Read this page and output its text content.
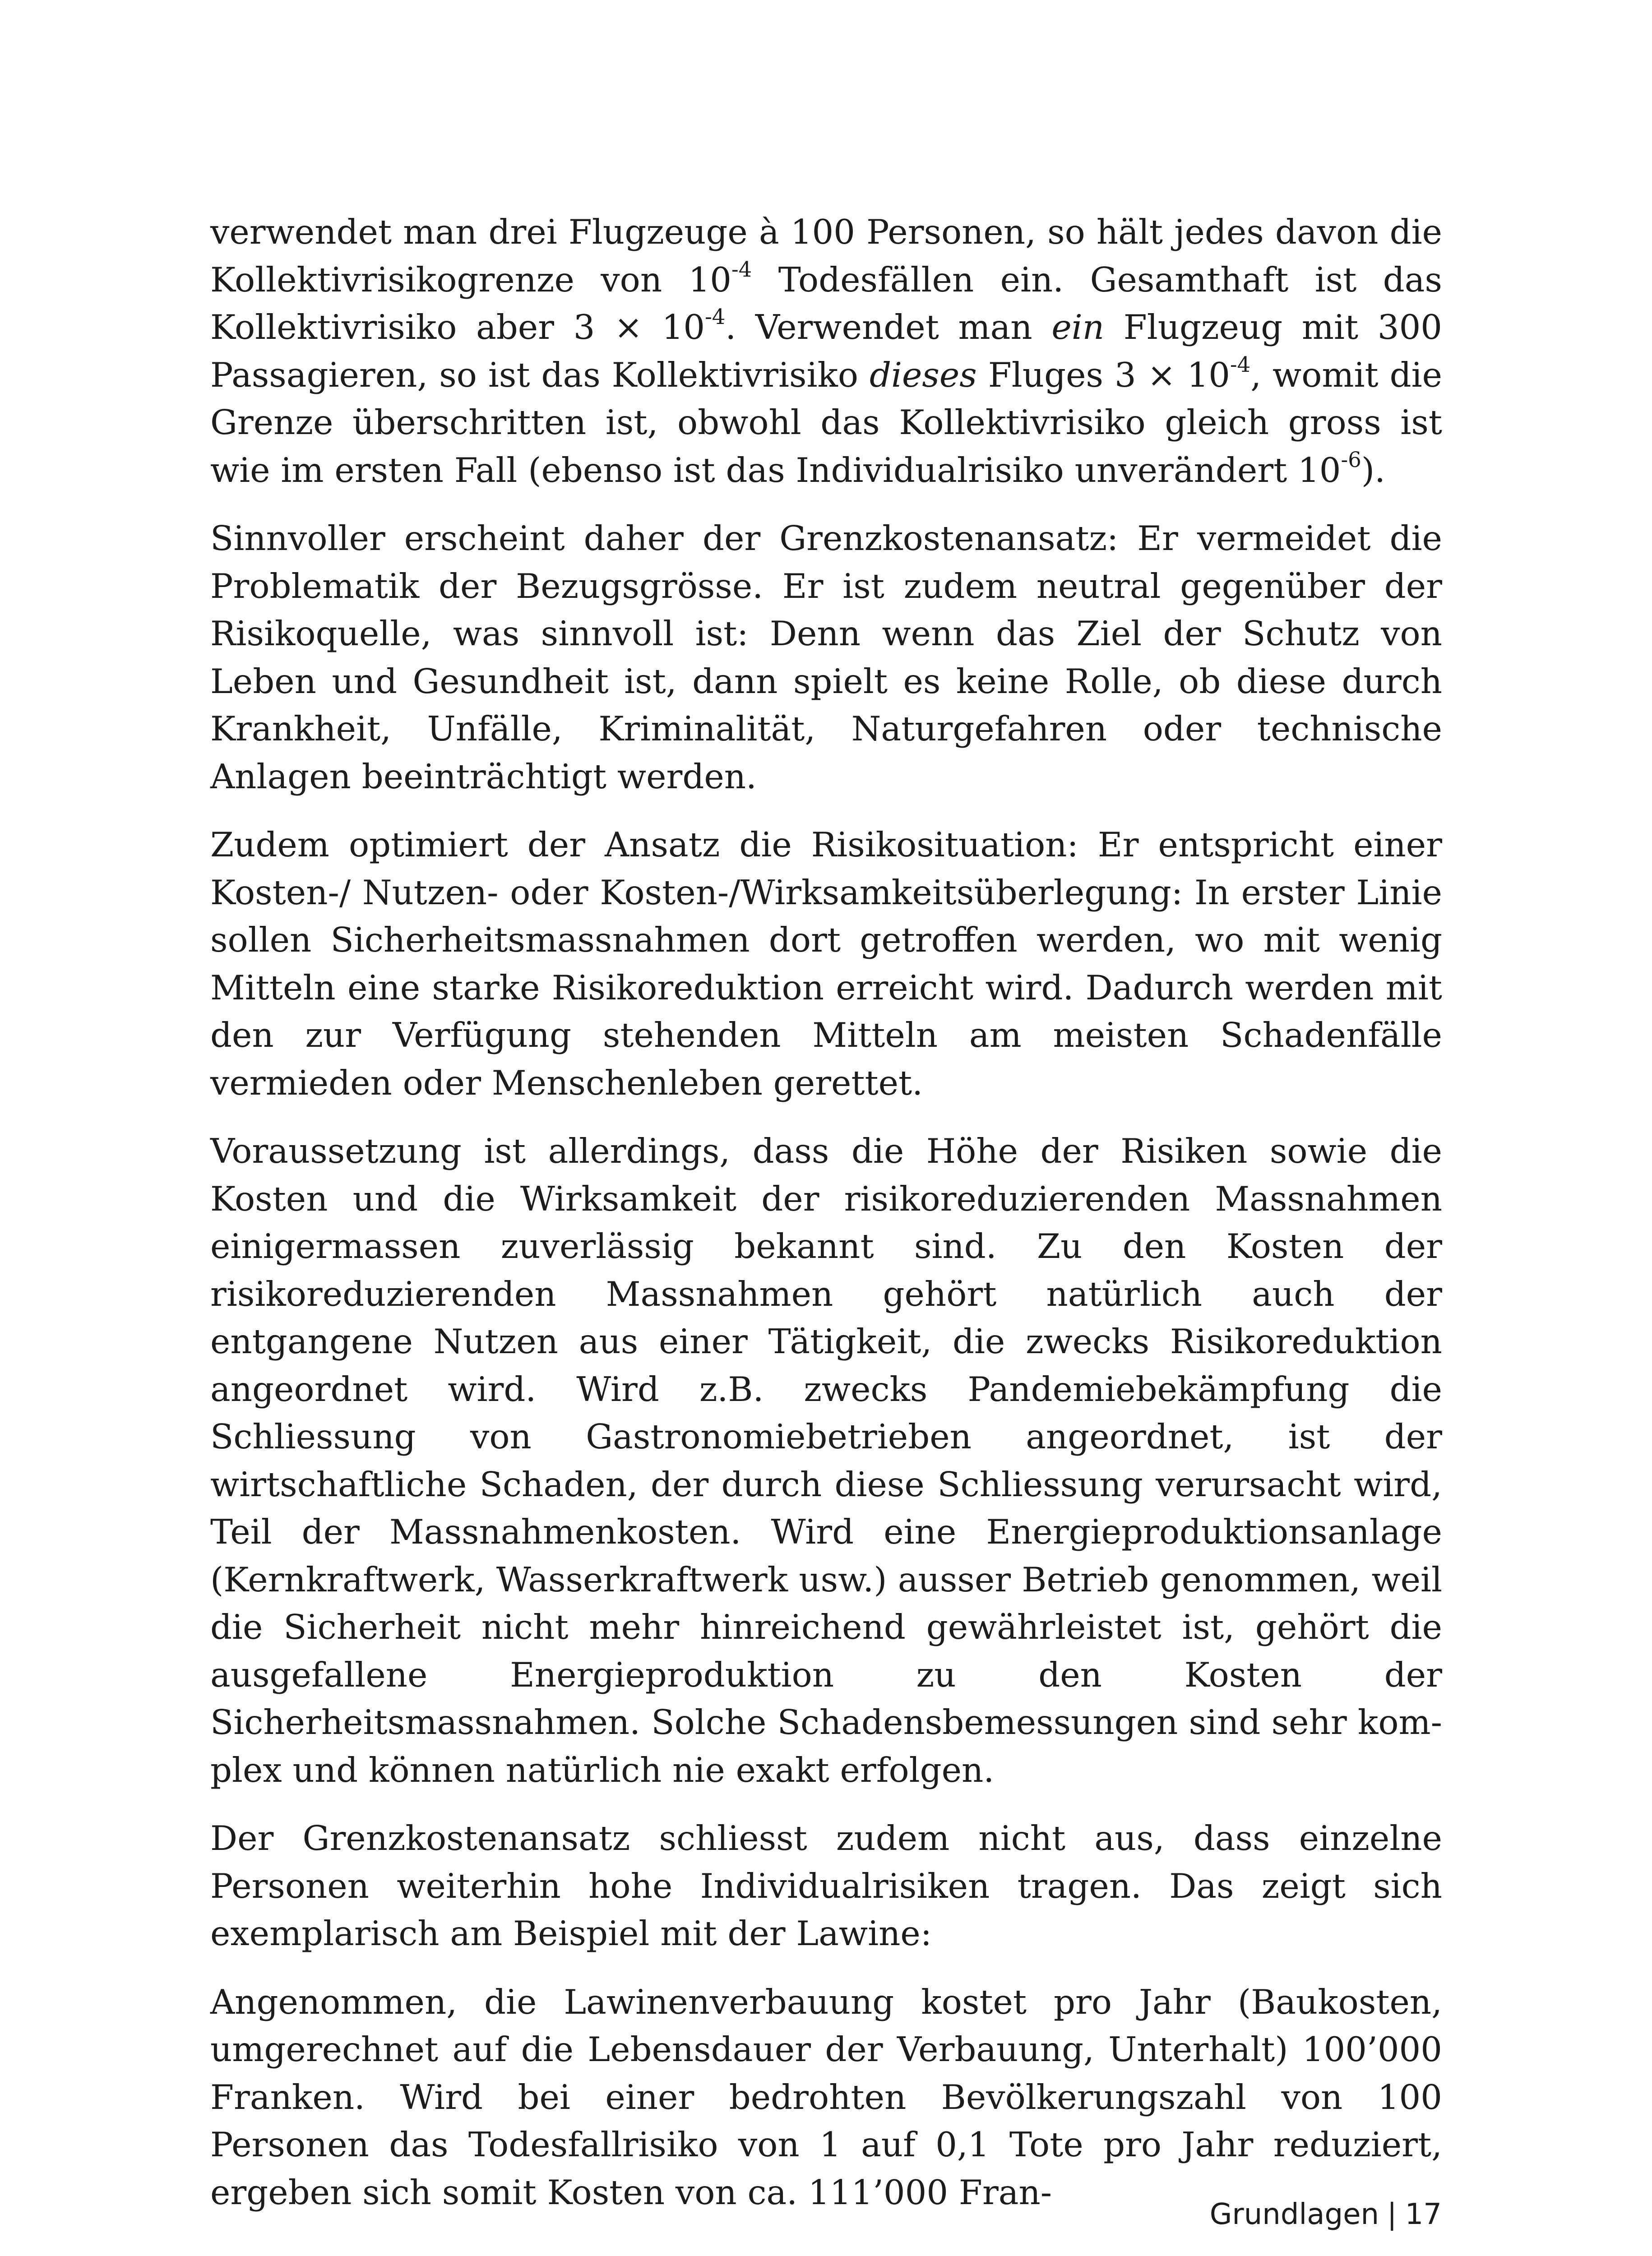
verwendet man drei Flugzeuge à 100 Personen, so hält jedes davon die Kollektivrisikogrenze von $10^{-4}$ Todesfällen ein. Gesamthaft ist das Kollektivrisiko aber $3 \times 10^{-4}$. Verwendet man ein Flugzeug mit 300 Passagieren, so ist das Kollektivrisiko dieses Fluges $3 \times 10^{-4}$, womit die Grenze überschritten ist, obwohl das Kollektivrisiko gleich gross ist wie im ersten Fall (ebenso ist das Individualrisiko unverändert $10^{-6}$).

Sinnvoller erscheint daher der Grenzkostenansatz: Er vermeidet die Problematik der Bezugsgrösse. Er ist zudem neutral gegenüber der Risikoquelle, was sinnvoll ist: Denn wenn das Ziel der Schutz von Leben und Gesundheit ist, dann spielt es keine Rolle, ob diese durch Krankheit, Unfälle, Kriminalität, Naturgefahren oder technische Anlagen beeinträchtigt werden.

Zudem optimiert der Ansatz die Risikosituation: Er entspricht einer Kosten-/ Nutzen- oder Kosten-/Wirksamkeitsüberlegung: In erster Linie sollen Sicherheitsmassnahmen dort getroffen werden, wo mit wenig Mitteln eine starke Risikoreduktion erreicht wird. Dadurch werden mit den zur Verfügung stehenden Mitteln am meisten Schadenfälle vermieden oder Menschenleben gerettet.

Voraussetzung ist allerdings, dass die Höhe der Risiken sowie die Kosten und die Wirksamkeit der risikoreduzierenden Massnahmen einigermassen zuverlässig bekannt sind. Zu den Kosten der risikoreduzierenden Massnahmen gehört natürlich auch der entgangene Nutzen aus einer Tätigkeit, die zwecks Risikoreduktion angeordnet wird. Wird z.B. zwecks Pandemiebekämpfung die Schliessung von Gastronomiebetrieben angeordnet, ist der wirtschaftliche Schaden, der durch diese Schliessung verursacht wird, Teil der Massnahmenkosten. Wird eine Energieproduktionsanlage (Kernkraftwerk, Wasserkraftwerk usw.) ausser Betrieb genommen, weil die Sicherheit nicht mehr hinreichend gewährleistet ist, gehört die ausgefallene Energieproduktion zu den Kosten der Sicherheitsmassnahmen. Solche Schadensbemessungen sind sehr komplex und können natürlich nie exakt erfolgen.

Der Grenzkostenansatz schliesst zudem nicht aus, dass einzelne Personen weiterhin hohe Individualrisiken tragen. Das zeigt sich exemplarisch am Beispiel mit der Lawine:

Angenommen, die Lawinenverbauung kostet pro Jahr (Baukosten, umgerechnet auf die Lebensdauer der Verbauung, Unterhalt) 100’000 Franken. Wird bei einer bedrohten Bevölkerungszahl von 100 Personen das Todesfallrisiko von 1 auf 0,1 Tote pro Jahr reduziert, ergeben sich somit Kosten von ca. 111’000 Fran-

Grundlagen | 17
